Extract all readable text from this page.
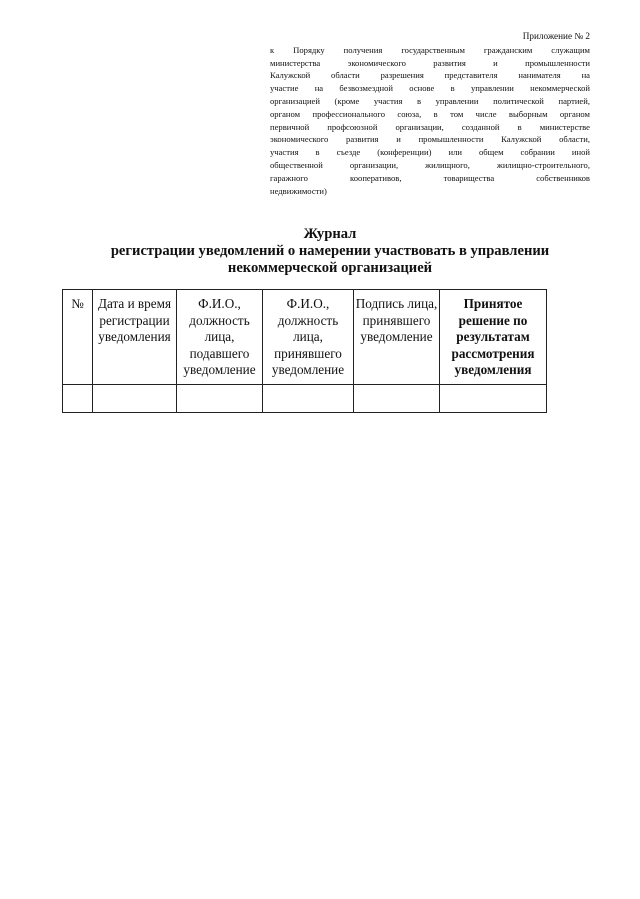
Приложение № 2
к Порядку получения государственным гражданским служащим
министерства экономического развития и промышленности
Калужской области разрешения представителя нанимателя на
участие на безвозмездной основе в управлении некоммерческой
организацией (кроме участия в управлении политической партией,
органом профессионального союза, в том числе выборным органом
первичной профсоюзной организации, созданной в министерстве
экономического развития и промышленности Калужской области,
участия в съезде (конференции) или общем собрании иной
общественной организации, жилищного, жилищно-строительного,
гаражного кооперативов, товарищества собственников
недвижимости)
Журнал
регистрации уведомлений о намерении участвовать в управлении
некоммерческой организацией
№	Дата и время регистрации уведомления	Ф.И.О., должность лица, подавшего уведомление	Ф.И.О., должность лица, принявшего уведомление	Подпись лица, принявшего уведомление	Принятое решение по результатам рассмотрения уведомления
